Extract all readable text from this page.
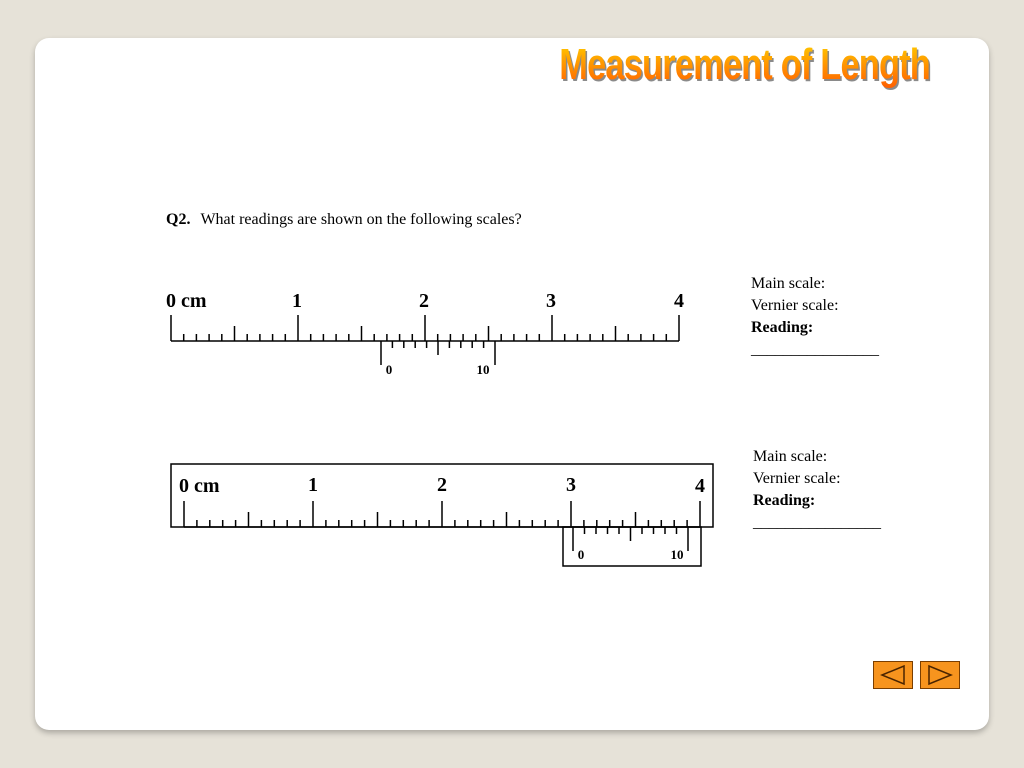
Measurement of Length
Q2. What readings are shown on the following scales?
0 cm	1	2	3	4
0	10
0 cm	1	2	3	4
0	10
Main scale:
Vernier scale:
Reading:
________________
Main scale:
Vernier scale:
Reading:
________________
